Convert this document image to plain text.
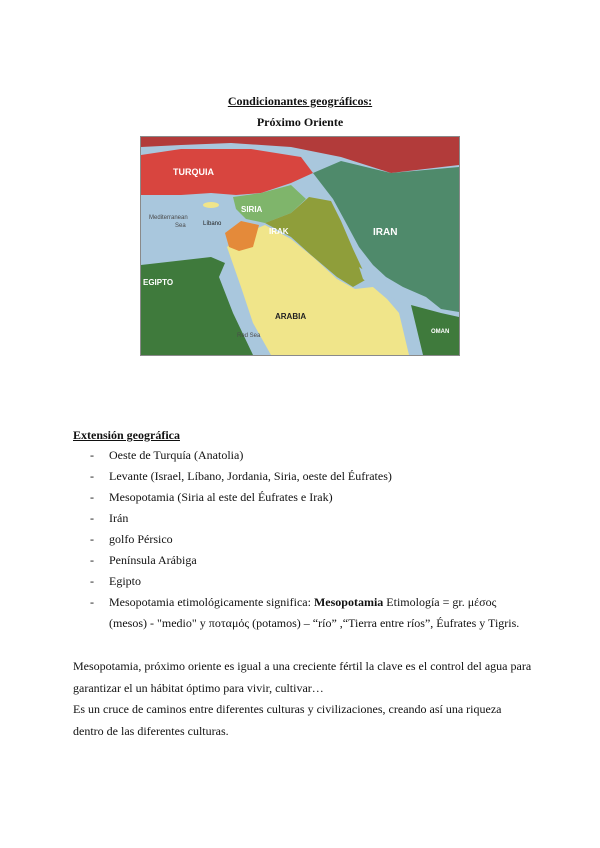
Condicionantes geográficos:
Próximo Oriente
TURQUIA
SIRIA
IRAK	IRAN
ARABIA
EGIPTO
Líbano
Mediterranean
Sea
Red Sea
OMAN
Extensión geográfica
- Oeste de Turquía (Anatolia)
- Levante (Israel, Líbano, Jordania, Siria, oeste del Éufrates)
- Mesopotamia (Siria al este del Éufrates e Irak)
- Irán
- golfo Pérsico
- Península Arábiga
- Egipto
- Mesopotamia etimológicamente significa: Mesopotamia Etimología = gr. μέσος
(mesos) - "medio" y ποταμός (potamos) – “río” ,“Tierra entre ríos”, Éufrates y Tigris.
Mesopotamia, próximo oriente es igual a una creciente fértil la clave es el control del agua para garantizar el un hábitat óptimo para vivir, cultivar…
Es un cruce de caminos entre diferentes culturas y civilizaciones, creando así una riqueza
dentro de las diferentes culturas.
